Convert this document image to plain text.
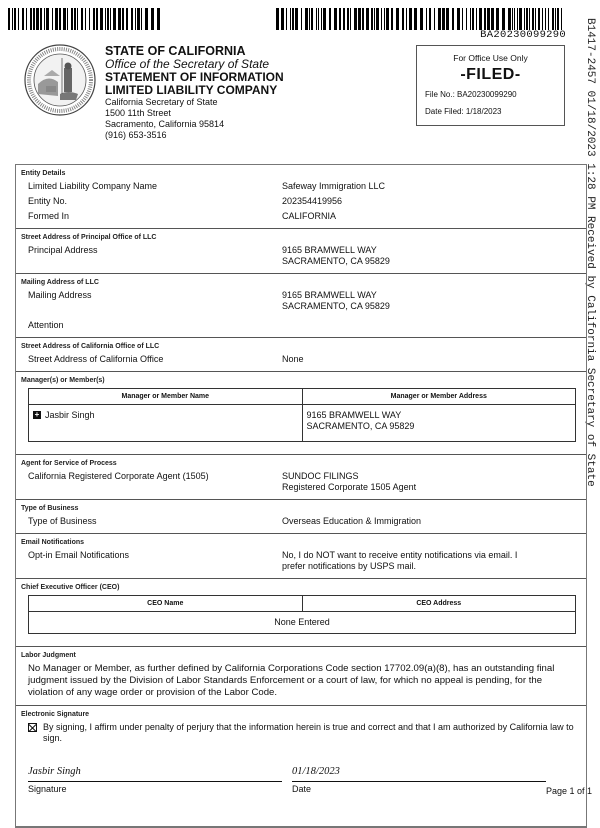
BA20230099290 B1417-2457 01/18/2023 1:28 PM Received by California Secretary of State
STATE OF CALIFORNIA
Office of the Secretary of State
STATEMENT OF INFORMATION
LIMITED LIABILITY COMPANY
California Secretary of State
1500 11th Street
Sacramento, California 95814
(916) 653-3516
For Office Use Only
-FILED-
File No.: BA20230099290
Date Filed: 1/18/2023
Entity Details
Limited Liability Company Name	Safeway Immigration LLC
Entity No.	202354419956
Formed In	CALIFORNIA
Street Address of Principal Office of LLC
Principal Address	9165 BRAMWELL WAY
SACRAMENTO, CA 95829
Mailing Address of LLC
Mailing Address	9165 BRAMWELL WAY
SACRAMENTO, CA 95829
Attention
Street Address of California Office of LLC
Street Address of California Office	None
Manager(s) or Member(s)
Manager or Member Name	Manager or Member Address
+ Jasbir Singh	9165 BRAMWELL WAY
SACRAMENTO, CA 95829
Agent for Service of Process
California Registered Corporate Agent (1505)	SUNDOC FILINGS
Registered Corporate 1505 Agent
Type of Business
Type of Business	Overseas Education & Immigration
Email Notifications
Opt-in Email Notifications	No, I do NOT want to receive entity notifications via email. I
prefer notifications by USPS mail.
Chief Executive Officer (CEO)
CEO Name	CEO Address
None Entered
Labor Judgment
No Manager or Member, as further defined by California Corporations Code section 17702.09(a)(8), has an outstanding final judgment issued by the Division of Labor Standards Enforcement or a court of law, for which no appeal is pending, for the violation of any wage order or provision of the Labor Code.
Electronic Signature
By signing, I affirm under penalty of perjury that the information herein is true and correct and that I am authorized by California law to sign.
Jasbir Singh
Signature
01/18/2023
Date	Page 1 of 1
